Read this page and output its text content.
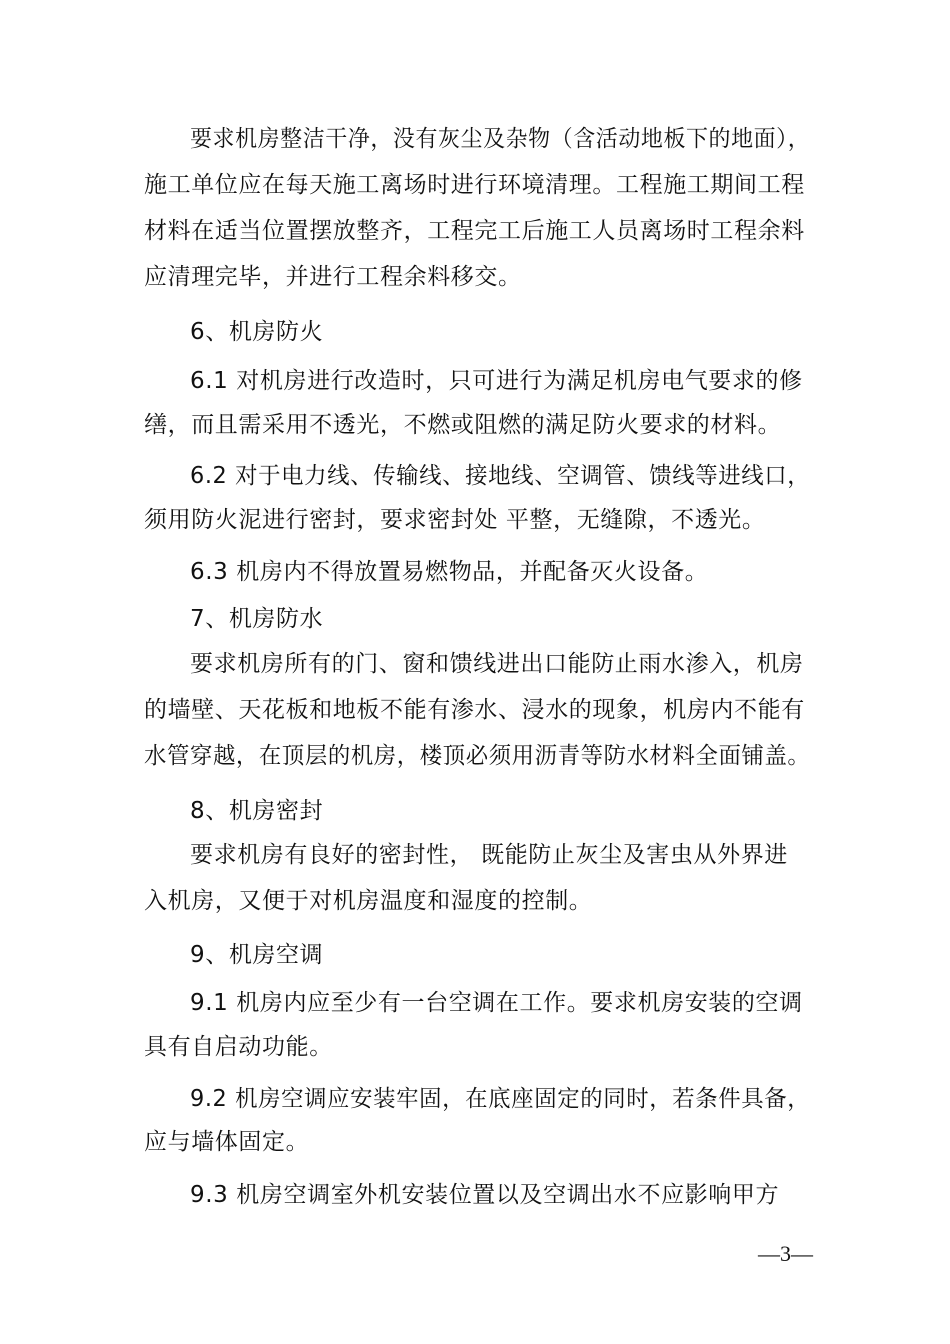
要求机房整洁干净，没有灰尘及杂物（含活动地板下的地面），
施工单位应在每天施工离场时进行环境清理。工程施工期间工程
材料在适当位置摆放整齐，工程完工后施工人员离场时工程余料
应清理完毕，并进行工程余料移交。
6、机房防火
6.1 对机房进行改造时，只可进行为满足机房电气要求的修
缮，而且需采用不透光，不燃或阻燃的满足防火要求的材料。
6.2 对于电力线、传输线、接地线、空调管、馈线等进线口，
须用防火泥进行密封，要求密封处 平整，无缝隙，不透光。
6.3 机房内不得放置易燃物品，并配备灭火设备。
7、机房防水
要求机房所有的门、窗和馈线进出口能防止雨水渗入，机房
的墙壁、天花板和地板不能有渗水、浸水的现象，机房内不能有
水管穿越，在顶层的机房，楼顶必须用沥青等防水材料全面铺盖。
8、机房密封
要求机房有良好的密封性， 既能防止灰尘及害虫从外界进
入机房，又便于对机房温度和湿度的控制。
9、机房空调
9.1 机房内应至少有一台空调在工作。要求机房安装的空调
具有自启动功能。
9.2 机房空调应安装牢固，在底座固定的同时，若条件具备，
应与墙体固定。
9.3 机房空调室外机安装位置以及空调出水不应影响甲方
—3—
